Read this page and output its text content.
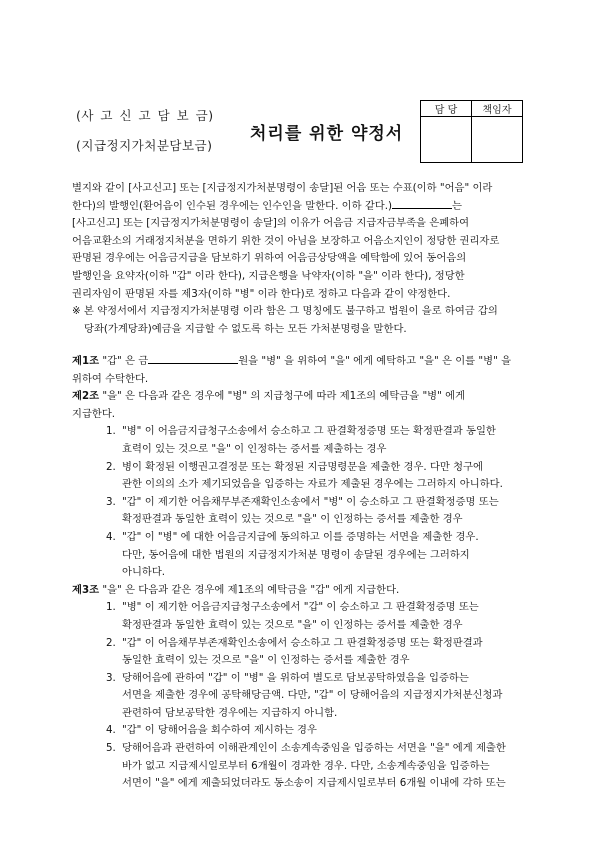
(사 고 신 고 담 보 금)
(지급정지가처분담보금)
처리를 위한 약정서
담 당	책임자

별지와 같이 [사고신고] 또는 [지급정지가처분명령이 송달]된 어음 또는 수표(이하 "어음" 이라
한다)의 발행인(환어음이 인수된 경우에는 인수인을 말한다. 이하 같다.)	는
[사고신고] 또는 [지급정지가처분명령이 송달]의 이유가 어음금 지급자금부족을 은폐하여
어음교환소의 거래정지처분을 면하기 위한 것이 아님을 보장하고 어음소지인이 정당한 권리자로
판명된 경우에는 어음금지급을 담보하기 위하여 어음금상당액을 예탁함에 있어 동어음의
발행인을 요약자(이하 "갑" 이라 한다), 지급은행을 낙약자(이하 "을" 이라 한다), 정당한
권리자임이 판명된 자를 제3자(이하 "병" 이라 한다)로 정하고 다음과 같이 약정한다.
※ 본 약정서에서 지급정지가처분명령 이라 함은 그 명칭에도 불구하고 법원이 을로 하여금 갑의
당좌(가계당좌)예금을 지급할 수 없도록 하는 모든 가처분명령을 말한다.
제1조 "갑" 은 금	원을 "병" 을 위하여 "을" 에게 예탁하고 "을" 은 이를 "병" 을
위하여 수탁한다.
제2조 "을" 은 다음과 같은 경우에 "병" 의 지급청구에 따라 제1조의 예탁금을 "병" 에게
지급한다.
1. "병" 이 어음금지급청구소송에서 승소하고 그 판결확정증명 또는 확정판결과 동일한
효력이 있는 것으로 "을" 이 인정하는 증서를 제출하는 경우
2. 병이 확정된 이행권고결정문 또는 확정된 지급명령문을 제출한 경우. 다만 청구에
관한 이의의 소가 제기되었음을 입증하는 자료가 제출된 경우에는 그러하지 아니하다.
3. "갑" 이 제기한 어음채무부존재확인소송에서 "병" 이 승소하고 그 판결확정증명 또는
확정판결과 동일한 효력이 있는 것으로 "을" 이 인정하는 증서를 제출한 경우
4. "갑" 이 "병" 에 대한 어음금지급에 동의하고 이를 증명하는 서면을 제출한 경우.
다만, 동어음에 대한 법원의 지급정지가처분 명령이 송달된 경우에는 그러하지
아니하다.
제3조 "을" 은 다음과 같은 경우에 제1조의 예탁금을 "갑" 에게 지급한다.
1. "병" 이 제기한 어음금지급청구소송에서 "갑" 이 승소하고 그 판결확정증명 또는
확정판결과 동일한 효력이 있는 것으로 "을" 이 인정하는 증서를 제출한 경우
2. "갑" 이 어음채무부존재확인소송에서 승소하고 그 판결확정증명 또는 확정판결과
동일한 효력이 있는 것으로 "을" 이 인정하는 증서를 제출한 경우
3. 당해어음에 관하여 "갑" 이 "병" 을 위하여 별도로 담보공탁하였음을 입증하는
서면을 제출한 경우에 공탁해당금액. 다만, "갑" 이 당해어음의 지급정지가처분신청과
관련하여 담보공탁한 경우에는 지급하지 아니함.
4. "갑" 이 당해어음을 회수하여 제시하는 경우
5. 당해어음과 관련하여 이해관계인이 소송계속중임을 입증하는 서면을 "을" 에게 제출한
바가 없고 지급제시일로부터 6개월이 경과한 경우. 다만, 소송계속중임을 입증하는
서면이 "을" 에게 제출되었더라도 동소송이 지급제시일로부터 6개월 이내에 각하 또는
